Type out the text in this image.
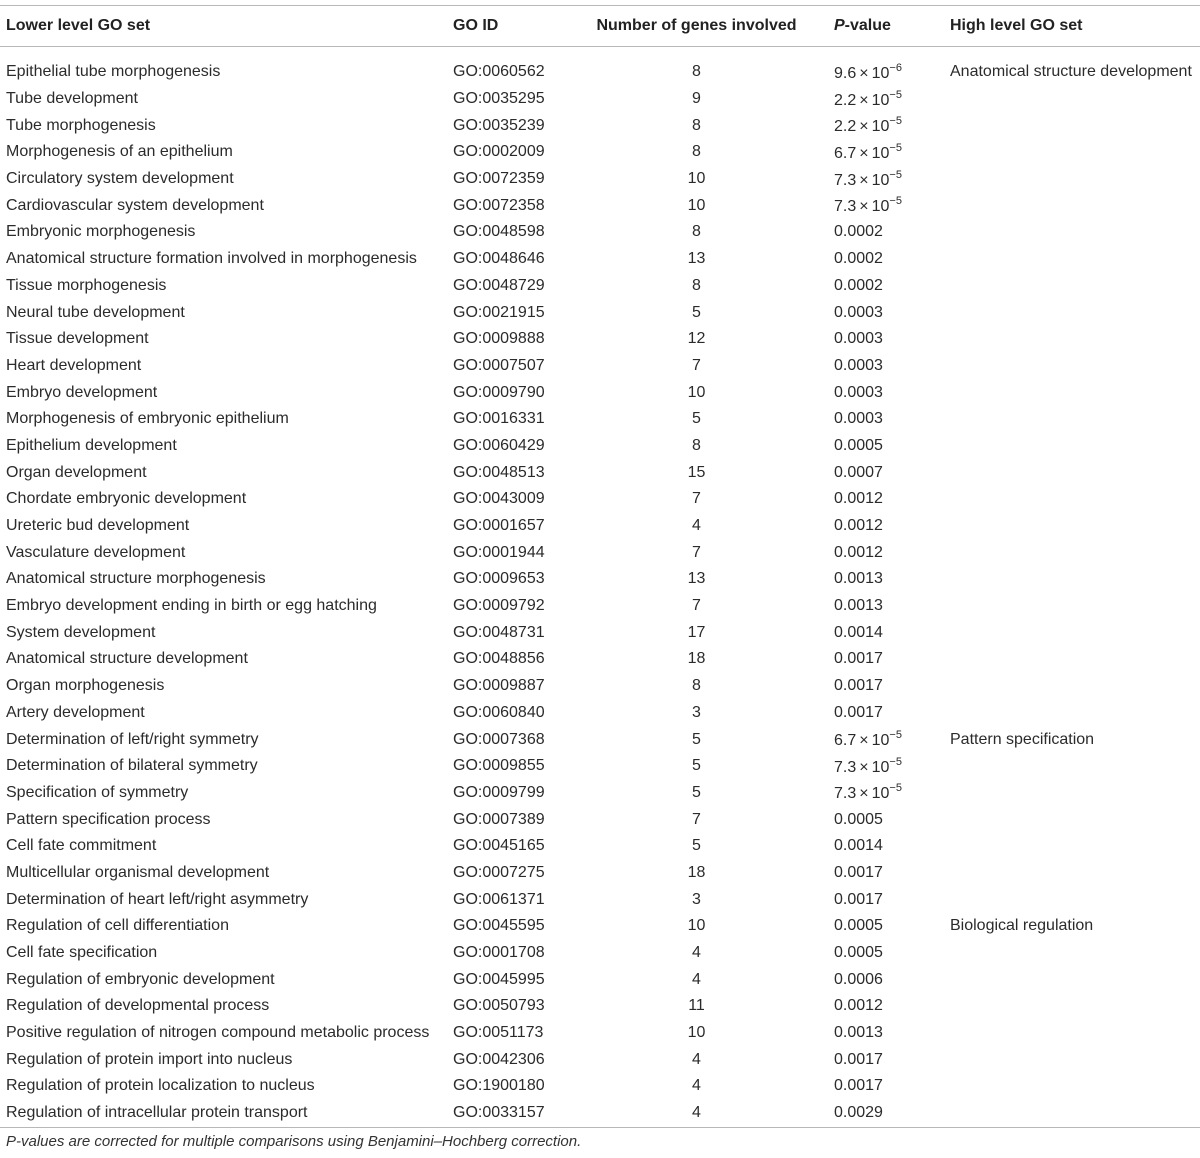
Lower level GO set	GO ID	Number of genes involved	P-value	High level GO set

Epithelial tube morphogenesis	GO:0060562	8	$9.6 \times 10^{-6}$	Anatomical structure development
Tube development	GO:0035295	9	$2.2 \times 10^{-5}$	
Tube morphogenesis	GO:0035239	8	$2.2 \times 10^{-5}$	
Morphogenesis of an epithelium	GO:0002009	8	$6.7 \times 10^{-5}$	
Circulatory system development	GO:0072359	10	$7.3 \times 10^{-5}$	
Cardiovascular system development	GO:0072358	10	$7.3 \times 10^{-5}$	
Embryonic morphogenesis	GO:0048598	8	0.0002	
Anatomical structure formation involved in morphogenesis	GO:0048646	13	0.0002	
Tissue morphogenesis	GO:0048729	8	0.0002	
Neural tube development	GO:0021915	5	0.0003	
Tissue development	GO:0009888	12	0.0003	
Heart development	GO:0007507	7	0.0003	
Embryo development	GO:0009790	10	0.0003	
Morphogenesis of embryonic epithelium	GO:0016331	5	0.0003	
Epithelium development	GO:0060429	8	0.0005	
Organ development	GO:0048513	15	0.0007	
Chordate embryonic development	GO:0043009	7	0.0012	
Ureteric bud development	GO:0001657	4	0.0012	
Vasculature development	GO:0001944	7	0.0012	
Anatomical structure morphogenesis	GO:0009653	13	0.0013	
Embryo development ending in birth or egg hatching	GO:0009792	7	0.0013	
System development	GO:0048731	17	0.0014	
Anatomical structure development	GO:0048856	18	0.0017	
Organ morphogenesis	GO:0009887	8	0.0017	
Artery development	GO:0060840	3	0.0017	
Determination of left/right symmetry	GO:0007368	5	$6.7 \times 10^{-5}$	Pattern specification
Determination of bilateral symmetry	GO:0009855	5	$7.3 \times 10^{-5}$	
Specification of symmetry	GO:0009799	5	$7.3 \times 10^{-5}$	
Pattern specification process	GO:0007389	7	0.0005	
Cell fate commitment	GO:0045165	5	0.0014	
Multicellular organismal development	GO:0007275	18	0.0017	
Determination of heart left/right asymmetry	GO:0061371	3	0.0017	
Regulation of cell differentiation	GO:0045595	10	0.0005	Biological regulation
Cell fate specification	GO:0001708	4	0.0005	
Regulation of embryonic development	GO:0045995	4	0.0006	
Regulation of developmental process	GO:0050793	11	0.0012	
Positive regulation of nitrogen compound metabolic process	GO:0051173	10	0.0013	
Regulation of protein import into nucleus	GO:0042306	4	0.0017	
Regulation of protein localization to nucleus	GO:1900180	4	0.0017	
Regulation of intracellular protein transport	GO:0033157	4	0.0029	
P-values are corrected for multiple comparisons using Benjamini–Hochberg correction.
